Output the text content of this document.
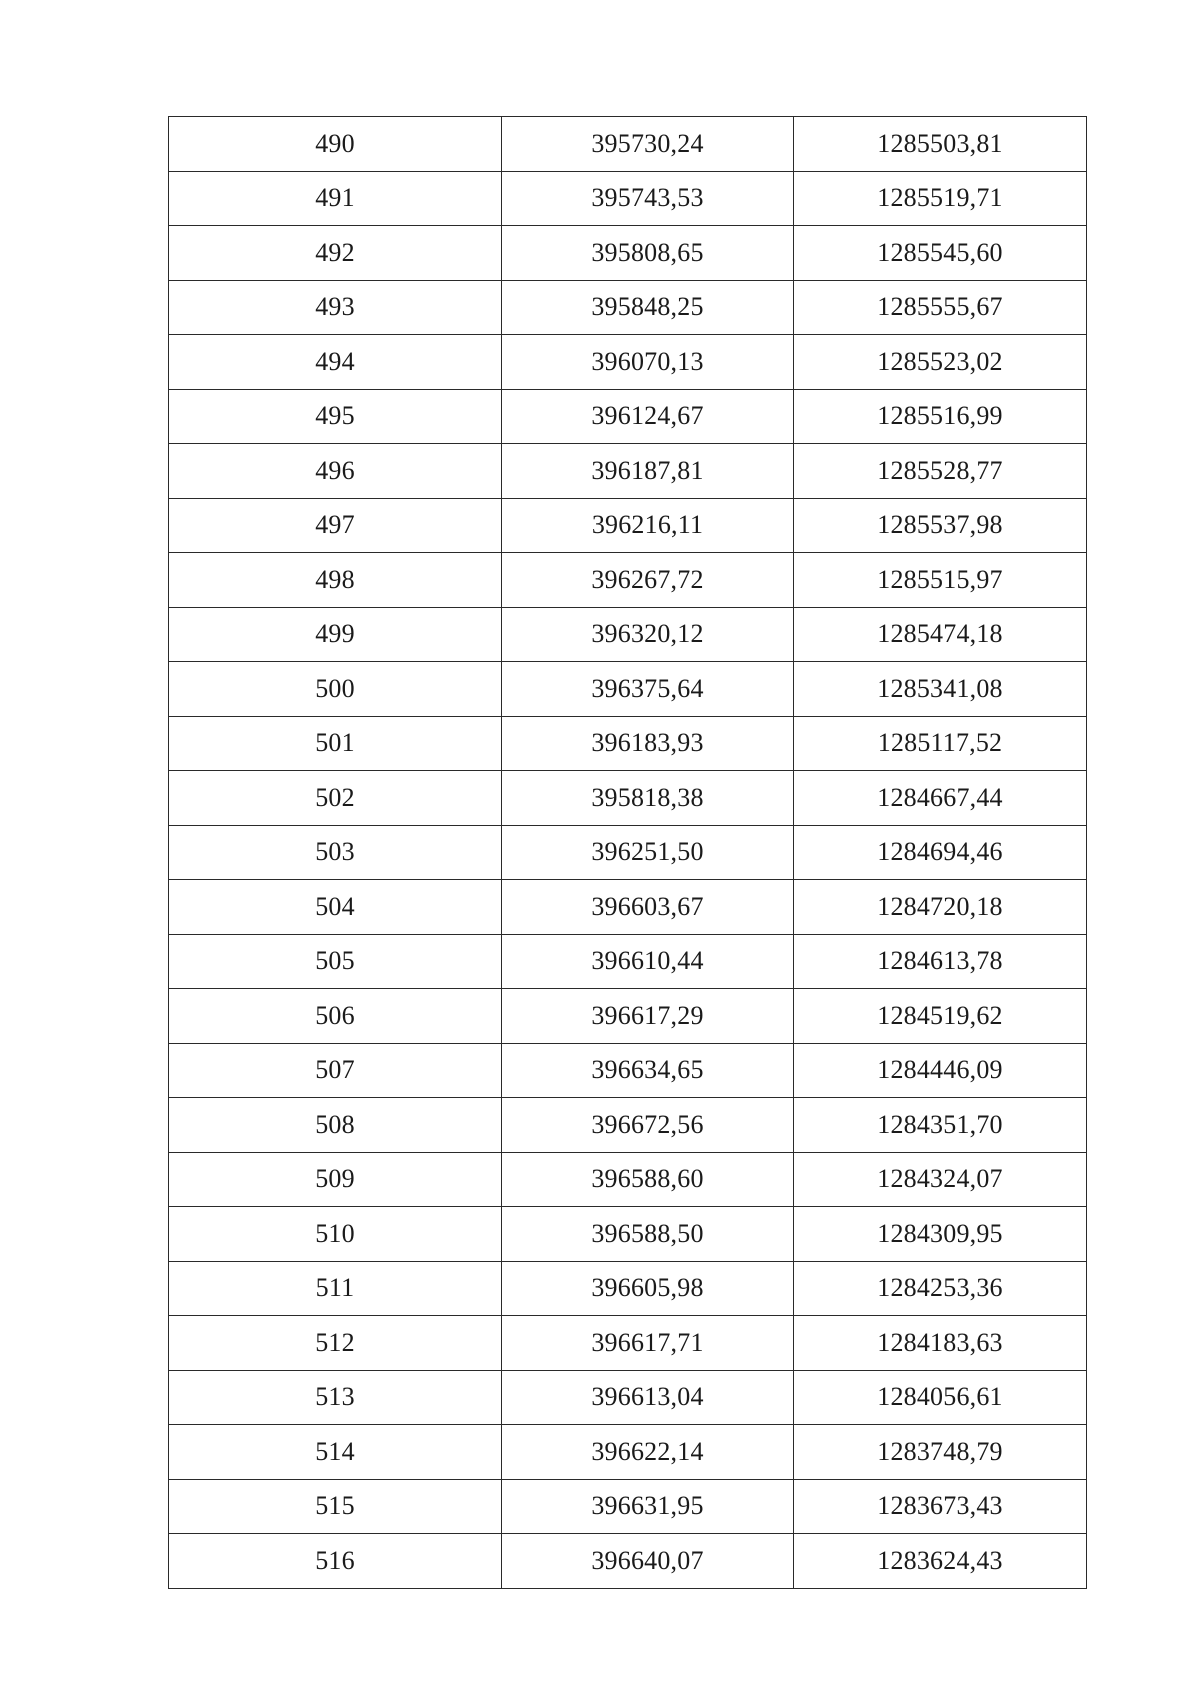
490	395730,24	1285503,81
491	395743,53	1285519,71
492	395808,65	1285545,60
493	395848,25	1285555,67
494	396070,13	1285523,02
495	396124,67	1285516,99
496	396187,81	1285528,77
497	396216,11	1285537,98
498	396267,72	1285515,97
499	396320,12	1285474,18
500	396375,64	1285341,08
501	396183,93	1285117,52
502	395818,38	1284667,44
503	396251,50	1284694,46
504	396603,67	1284720,18
505	396610,44	1284613,78
506	396617,29	1284519,62
507	396634,65	1284446,09
508	396672,56	1284351,70
509	396588,60	1284324,07
510	396588,50	1284309,95
511	396605,98	1284253,36
512	396617,71	1284183,63
513	396613,04	1284056,61
514	396622,14	1283748,79
515	396631,95	1283673,43
516	396640,07	1283624,43
